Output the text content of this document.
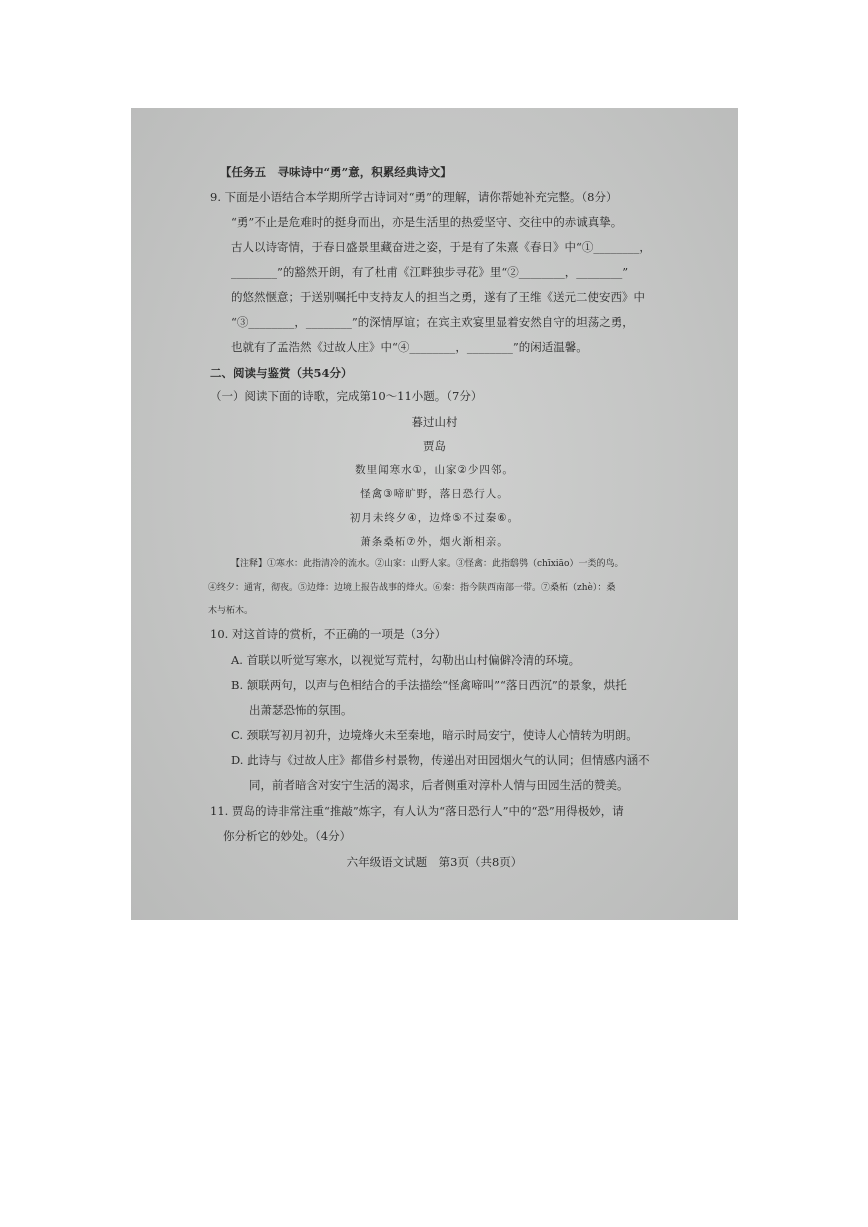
【任务五　寻味诗中“勇”意，积累经典诗文】
9. 下面是小语结合本学期所学古诗词对“勇”的理解，请你帮她补充完整。（8分）
“勇”不止是危难时的挺身而出，亦是生活里的热爱坚守、交往中的赤诚真挚。
古人以诗寄情，于春日盛景里藏奋进之姿，于是有了朱熹《春日》中“①________，
________”的豁然开朗，有了杜甫《江畔独步寻花》里“②________，________”
的悠然惬意；于送别嘱托中支持友人的担当之勇，遂有了王维《送元二使安西》中
“③________，________”的深情厚谊；在宾主欢宴里显着安然自守的坦荡之勇，
也就有了孟浩然《过故人庄》中“④________，________”的闲适温馨。
二、阅读与鉴赏（共54分）
（一）阅读下面的诗歌，完成第10～11小题。（7分）
暮过山村
贾岛
数里闻寒水①，山家②少四邻。
怪禽③啼旷野，落日恐行人。
初月未终夕④，边烽⑤不过秦⑥。
萧条桑柘⑦外，烟火渐相亲。
【注释】①寒水：此指清冷的流水。②山家：山野人家。③怪禽：此指鸱鸮（chīxiāo）一类的鸟。
④终夕：通宵，彻夜。⑤边烽：边境上报告战事的烽火。⑥秦：指今陕西南部一带。⑦桑柘（zhè）：桑
木与柘木。
10. 对这首诗的赏析，不正确的一项是（3分）
A. 首联以听觉写寒水，以视觉写荒村，勾勒出山村偏僻冷清的环境。
B. 颔联两句，以声与色相结合的手法描绘“怪禽啼叫”“落日西沉”的景象，烘托
出萧瑟恐怖的氛围。
C. 颈联写初月初升，边境烽火未至秦地，暗示时局安宁，使诗人心情转为明朗。
D. 此诗与《过故人庄》都借乡村景物，传递出对田园烟火气的认同；但情感内涵不
同，前者暗含对安宁生活的渴求，后者侧重对淳朴人情与田园生活的赞美。
11. 贾岛的诗非常注重“推敲”炼字，有人认为“落日恐行人”中的“恐”用得极妙，请
你分析它的妙处。（4分）
六年级语文试题　第3页（共8页）
